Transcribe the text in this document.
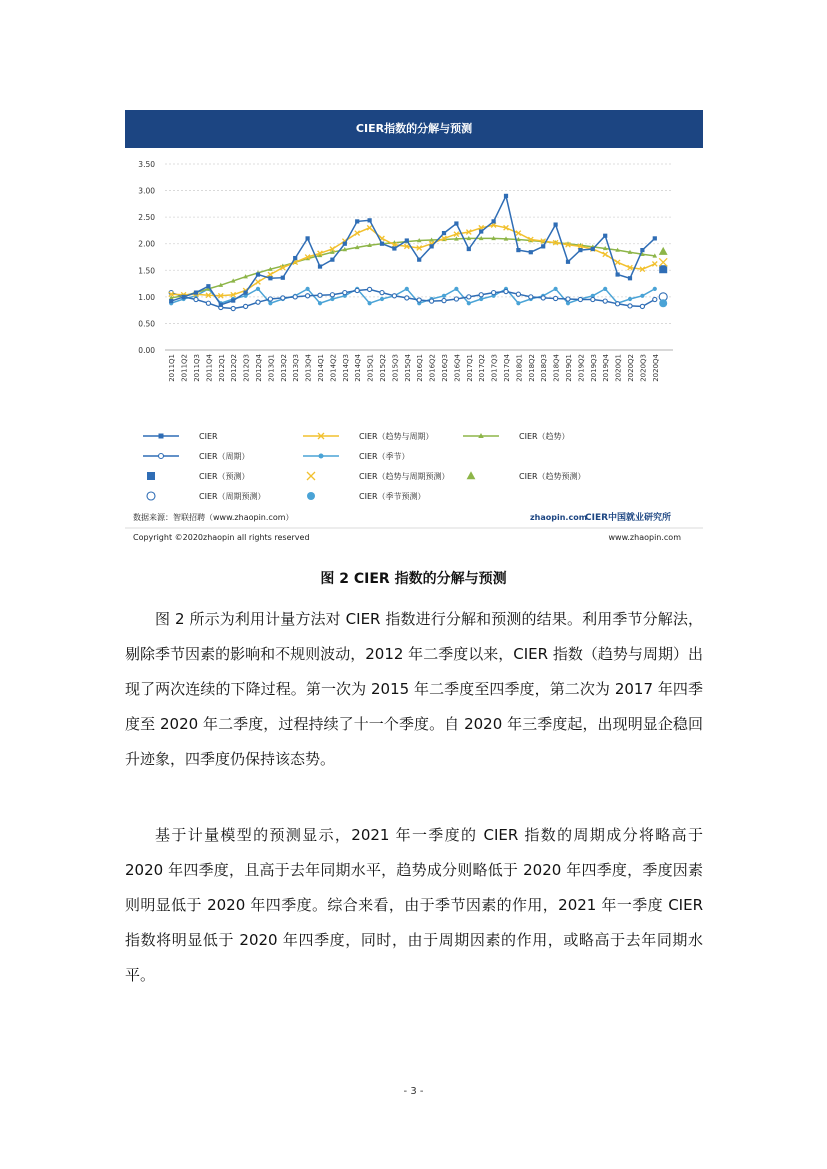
CIER指数的分解与预测
3.50
3.00
2.50
2.00
1.50
1.00
0.50
0.00
2011Q1 2011Q2 2011Q3 2011Q4 2012Q1 2012Q2 2012Q3 2012Q4 2013Q1 2013Q2 2013Q3 2013Q4 2014Q1 2014Q2 2014Q3 2014Q4 2015Q1 2015Q2 2015Q3 2015Q4 2016Q1 2016Q2 2016Q3 2016Q4 2017Q1 2017Q2 2017Q3 2017Q4 2018Q1 2018Q2 2018Q3 2018Q4 2019Q1 2019Q2 2019Q3 2019Q4 2020Q1 2020Q2 2020Q3 2020Q4
CIER	CIER（趋势与周期）	CIER（趋势）
CIER（周期）	CIER（季节）
CIER（预测）	CIER（趋势与周期预测）	CIER（趋势预测）
CIER（周期预测）	CIER（季节预测）
数据来源：智联招聘（www.zhaopin.com）	zhaopin.com
CIER中国就业研究所
Copyright ©2020zhaopin all rights reserved	www.zhaopin.com
图 2 CIER 指数的分解与预测

图 2 所示为利用计量方法对 CIER 指数进行分解和预测的结果。利用季节分解法，剔除季节因素的影响和不规则波动，2012 年二季度以来，CIER 指数（趋势与周期）出现了两次连续的下降过程。第一次为 2015 年二季度至四季度，第二次为 2017 年四季度至 2020 年二季度，过程持续了十一个季度。自 2020 年三季度起，出现明显企稳回升迹象，四季度仍保持该态势。

基于计量模型的预测显示，2021 年一季度的 CIER 指数的周期成分将略高于 2020 年四季度，且高于去年同期水平，趋势成分则略低于 2020 年四季度，季度因素则明显低于 2020 年四季度。综合来看，由于季节因素的作用，2021 年一季度 CIER 指数将明显低于 2020 年四季度，同时，由于周期因素的作用，或略高于去年同期水平。

- 3 -
